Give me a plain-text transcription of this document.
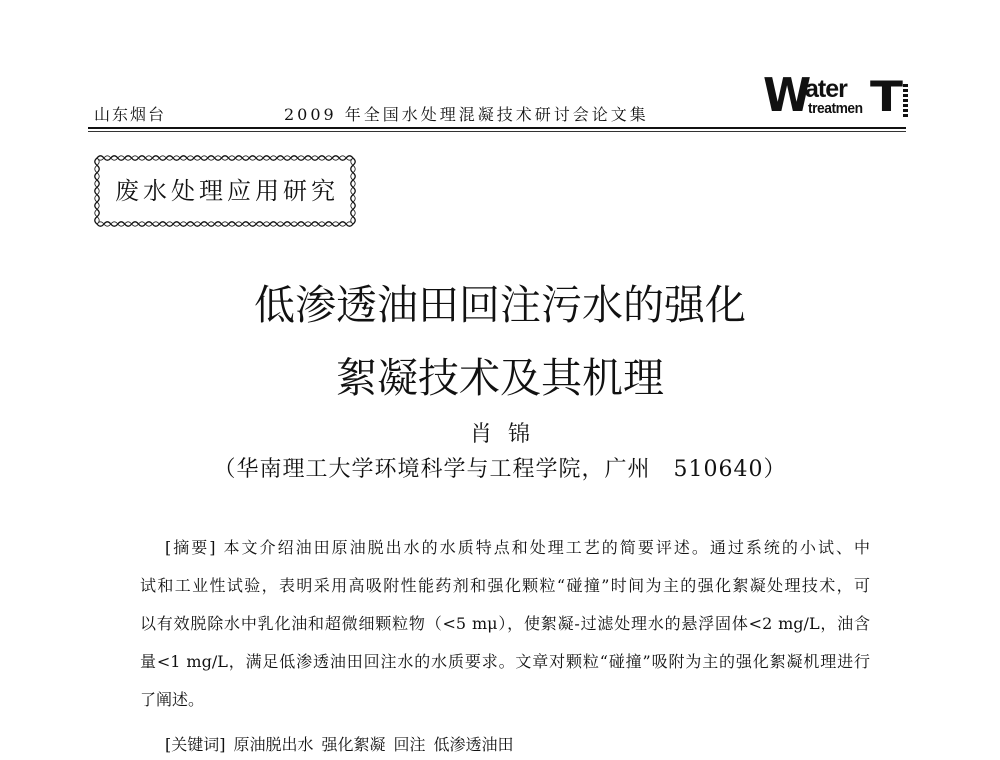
山东烟台	2009 年全国水处理混凝技术研讨会论文集 W
ater
treatmen T
废水处理应用研究
低渗透油田回注污水的强化
絮凝技术及其机理
肖锦
（华南理工大学环境科学与工程学院，广州　510640）
[摘要] 本文介绍油田原油脱出水的水质特点和处理工艺的简要评述。通过系统的小试、中
试和工业性试验，表明采用高吸附性能药剂和强化颗粒“碰撞”时间为主的强化絮凝处理技术，可
以有效脱除水中乳化油和超微细颗粒物（<5 mμ），使絮凝-过滤处理水的悬浮固体<2 mg/L，油含
量<1 mg/L，满足低渗透油田回注水的水质要求。文章对颗粒“碰撞”吸附为主的强化絮凝机理进行
了阐述。
[关键词] 原油脱出水 强化絮凝 回注 低渗透油田
